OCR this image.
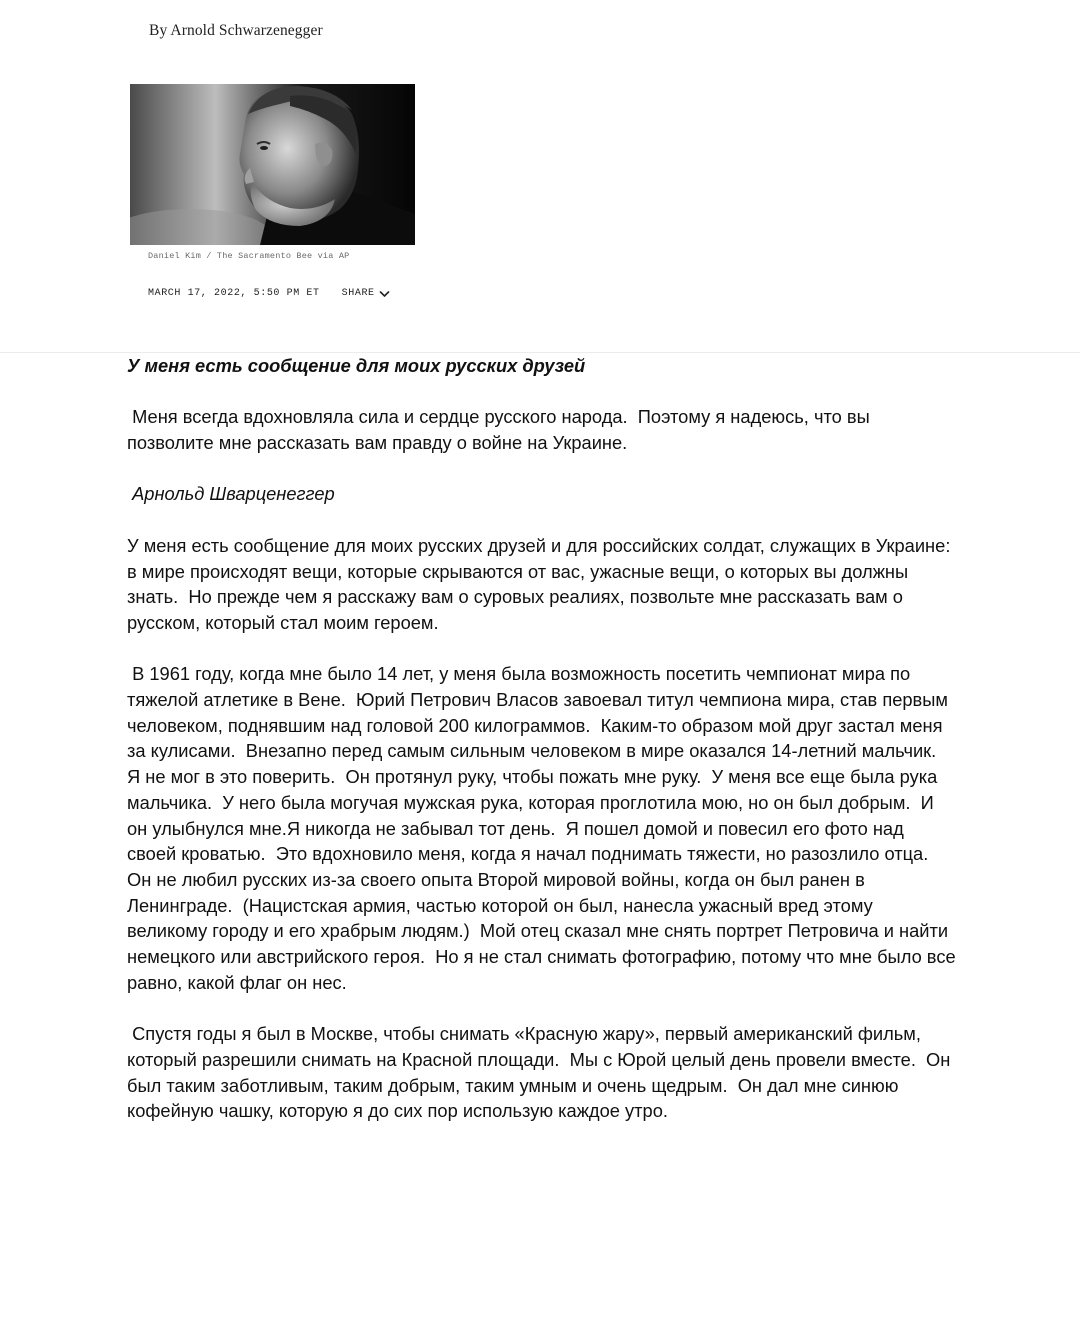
By Arnold Schwarzenegger
Daniel Kim / The Sacramento Bee via AP
MARCH 17, 2022, 5:50 PM ET SHARE

У меня есть сообщение для моих русских друзей

Меня всегда вдохновляла сила и сердце русского народа.  Поэтому я надеюсь, что вы позволите мне рассказать вам правду о войне на Украине.

Арнольд Шварценеггер

У меня есть сообщение для моих русских друзей и для российских солдат, служащих в Украине: в мире происходят вещи, которые скрываются от вас, ужасные вещи, о которых вы должны знать.  Но прежде чем я расскажу вам о суровых реалиях, позвольте мне рассказать вам о русском, который стал моим героем.

В 1961 году, когда мне было 14 лет, у меня была возможность посетить чемпионат мира по тяжелой атлетике в Вене.  Юрий Петрович Власов завоевал титул чемпиона мира, став первым человеком, поднявшим над головой 200 килограммов.  Каким-то образом мой друг застал меня за кулисами.  Внезапно перед самым сильным человеком в мире оказался 14-летний мальчик.  Я не мог в это поверить.  Он протянул руку, чтобы пожать мне руку.  У меня все еще была рука мальчика.  У него была могучая мужская рука, которая проглотила мою, но он был добрым.  И он улыбнулся мне.Я никогда не забывал тот день.  Я пошел домой и повесил его фото над своей кроватью.  Это вдохновило меня, когда я начал поднимать тяжести, но разозлило отца.  Он не любил русских из-за своего опыта Второй мировой войны, когда он был ранен в Ленинграде.  (Нацистская армия, частью которой он был, нанесла ужасный вред этому великому городу и его храбрым людям.)  Мой отец сказал мне снять портрет Петровича и найти немецкого или австрийского героя.  Но я не стал снимать фотографию, потому что мне было все равно, какой флаг он нес.

Спустя годы я был в Москве, чтобы снимать «Красную жару», первый американский фильм, который разрешили снимать на Красной площади.  Мы с Юрой целый день провели вместе.  Он был таким заботливым, таким добрым, таким умным и очень щедрым.  Он дал мне синюю кофейную чашку, которую я до сих пор использую каждое утро.
